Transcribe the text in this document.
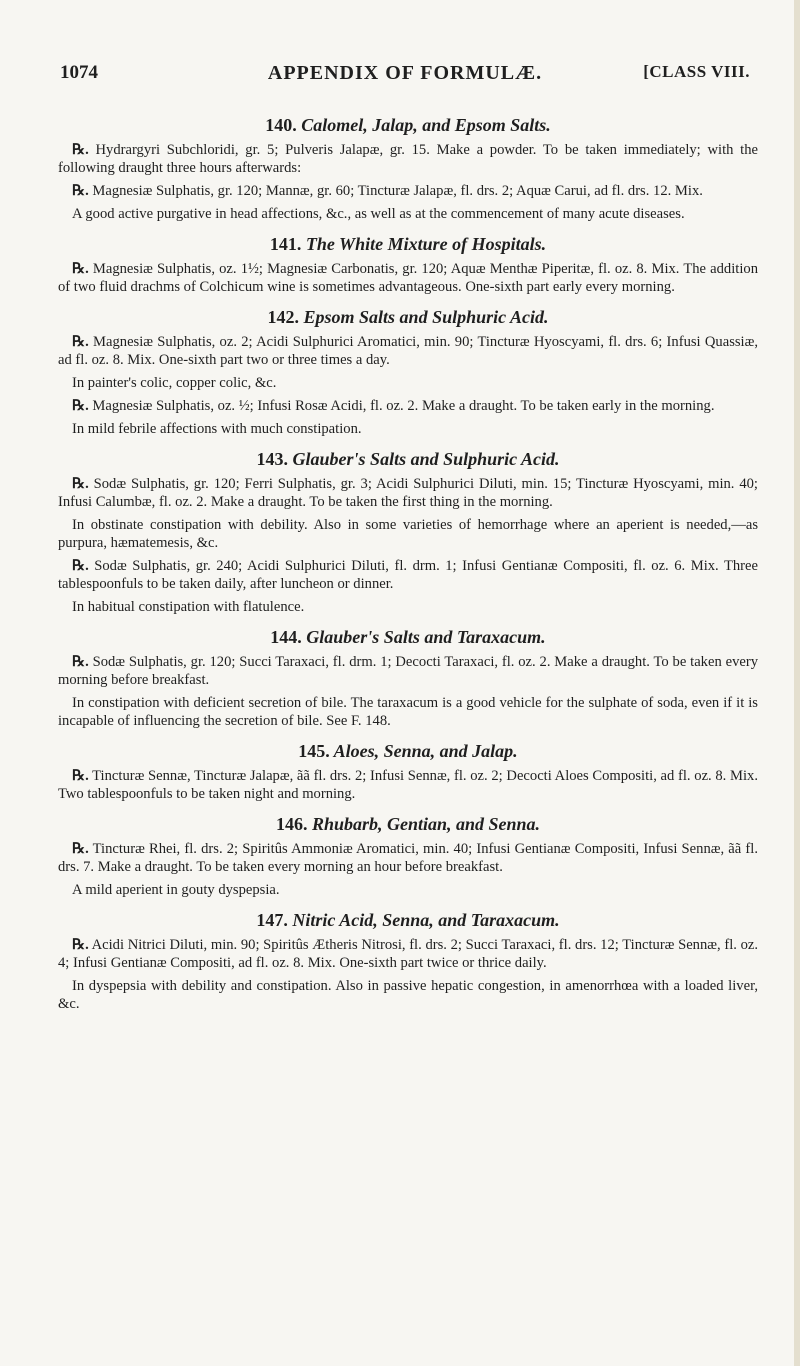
1074	APPENDIX OF FORMULÆ.	[CLASS VIII.
140. Calomel, Jalap, and Epsom Salts.

℞. Hydrargyri Subchloridi, gr. 5; Pulveris Jalapæ, gr. 15. Make a powder. To be taken immediately; with the following draught three hours afterwards:

℞. Magnesiæ Sulphatis, gr. 120; Mannæ, gr. 60; Tincturæ Jalapæ, fl. drs. 2; Aquæ Carui, ad fl. drs. 12. Mix.

A good active purgative in head affections, &c., as well as at the commencement of many acute diseases.

141. The White Mixture of Hospitals.

℞. Magnesiæ Sulphatis, oz. 1½; Magnesiæ Carbonatis, gr. 120; Aquæ Menthæ Piperitæ, fl. oz. 8. Mix. The addition of two fluid drachms of Colchicum wine is sometimes advantageous. One-sixth part early every morning.

142. Epsom Salts and Sulphuric Acid.

℞. Magnesiæ Sulphatis, oz. 2; Acidi Sulphurici Aromatici, min. 90; Tincturæ Hyoscyami, fl. drs. 6; Infusi Quassiæ, ad fl. oz. 8. Mix. One-sixth part two or three times a day.

In painter's colic, copper colic, &c.

℞. Magnesiæ Sulphatis, oz. ½; Infusi Rosæ Acidi, fl. oz. 2. Make a draught. To be taken early in the morning.

In mild febrile affections with much constipation.

143. Glauber's Salts and Sulphuric Acid.

℞. Sodæ Sulphatis, gr. 120; Ferri Sulphatis, gr. 3; Acidi Sulphurici Diluti, min. 15; Tincturæ Hyoscyami, min. 40; Infusi Calumbæ, fl. oz. 2. Make a draught. To be taken the first thing in the morning.

In obstinate constipation with debility. Also in some varieties of hemorrhage where an aperient is needed,—as purpura, hæmatemesis, &c.

℞. Sodæ Sulphatis, gr. 240; Acidi Sulphurici Diluti, fl. drm. 1; Infusi Gentianæ Compositi, fl. oz. 6. Mix. Three tablespoonfuls to be taken daily, after luncheon or dinner.

In habitual constipation with flatulence.

144. Glauber's Salts and Taraxacum.

℞. Sodæ Sulphatis, gr. 120; Succi Taraxaci, fl. drm. 1; Decocti Taraxaci, fl. oz. 2. Make a draught. To be taken every morning before breakfast.

In constipation with deficient secretion of bile. The taraxacum is a good vehicle for the sulphate of soda, even if it is incapable of influencing the secretion of bile. See F. 148.

145. Aloes, Senna, and Jalap.

℞. Tincturæ Sennæ, Tincturæ Jalapæ, ãã fl. drs. 2; Infusi Sennæ, fl. oz. 2; Decocti Aloes Compositi, ad fl. oz. 8. Mix. Two tablespoonfuls to be taken night and morning.

146. Rhubarb, Gentian, and Senna.

℞. Tincturæ Rhei, fl. drs. 2; Spiritûs Ammoniæ Aromatici, min. 40; Infusi Gentianæ Compositi, Infusi Sennæ, ãã fl. drs. 7. Make a draught. To be taken every morning an hour before breakfast.

A mild aperient in gouty dyspepsia.

147. Nitric Acid, Senna, and Taraxacum.

℞. Acidi Nitrici Diluti, min. 90; Spiritûs Ætheris Nitrosi, fl. drs. 2; Succi Taraxaci, fl. drs. 12; Tincturæ Sennæ, fl. oz. 4; Infusi Gentianæ Compositi, ad fl. oz. 8. Mix. One-sixth part twice or thrice daily.

In dyspepsia with debility and constipation. Also in passive hepatic congestion, in amenorrhœa with a loaded liver, &c.
